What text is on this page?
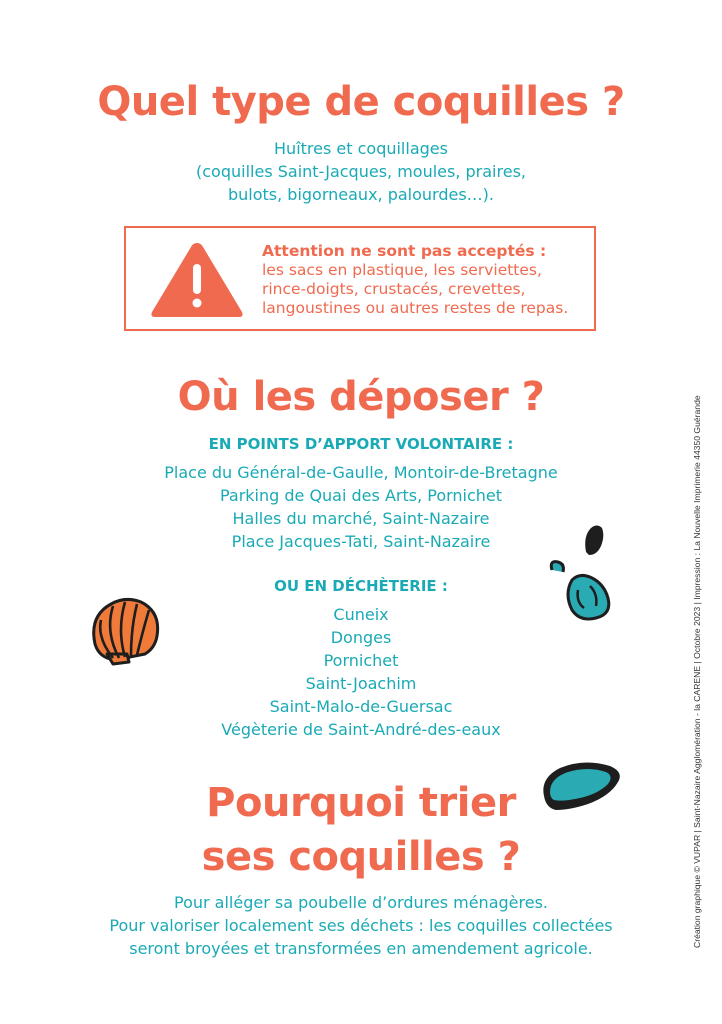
Quel type de coquilles ?
Huîtres et coquillages
(coquilles Saint-Jacques, moules, praires,
bulots, bigorneaux, palourdes…).
Attention ne sont pas acceptés :
les sacs en plastique, les serviettes,
rince-doigts, crustacés, crevettes,
langoustines ou autres restes de repas.
Où les déposer ?
EN POINTS D’APPORT VOLONTAIRE :
Place du Général-de-Gaulle, Montoir-de-Bretagne
Parking de Quai des Arts, Pornichet
Halles du marché, Saint-Nazaire
Place Jacques-Tati, Saint-Nazaire
OU EN DÉCHÈTERIE :
Cuneix
Donges
Pornichet
Saint-Joachim
Saint-Malo-de-Guersac
Végèterie de Saint-André-des-eaux
Pourquoi trier
ses coquilles ?
Pour alléger sa poubelle d’ordures ménagères.
Pour valoriser localement ses déchets : les coquilles collectées
seront broyées et transformées en amendement agricole.
Création graphique © VUPAR | Saint-Nazaire Agglomération - la CARENE | Octobre 2023 | Impression : La Nouvelle Imprimerie 44350 Guérande
